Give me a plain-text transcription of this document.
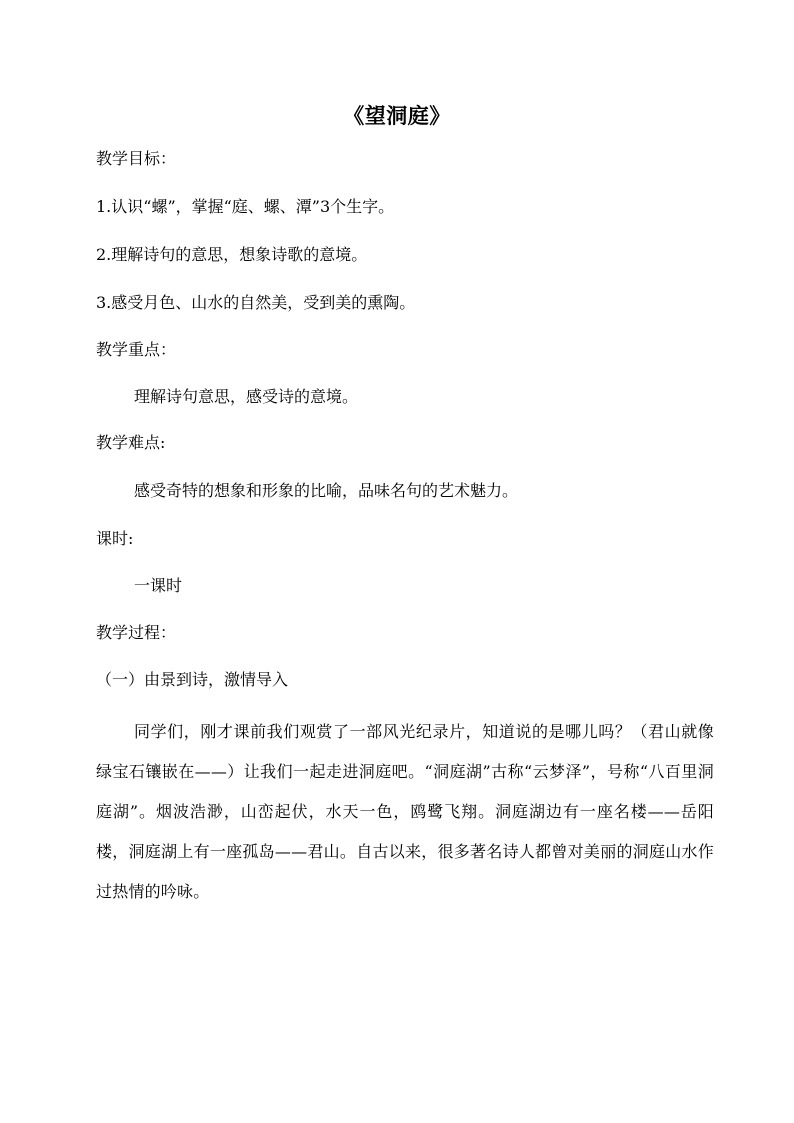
《望洞庭》
教学目标：
1.认识“螺”，掌握“庭、螺、潭”3个生字。
2.理解诗句的意思，想象诗歌的意境。
3.感受月色、山水的自然美，受到美的熏陶。
教学重点：
理解诗句意思，感受诗的意境。
教学难点:
感受奇特的想象和形象的比喻，品味名句的艺术魅力。
课时:
一课时
教学过程：
（一）由景到诗，激情导入
同学们，刚才课前我们观赏了一部风光纪录片，知道说的是哪儿吗？（君山就像绿宝石镶嵌在——）让我们一起走进洞庭吧。“洞庭湖”古称“云梦泽”，号称“八百里洞庭湖”。烟波浩渺，山峦起伏，水天一色，鸥鹭飞翔。洞庭湖边有一座名楼——岳阳楼，洞庭湖上有一座孤岛——君山。自古以来，很多著名诗人都曾对美丽的洞庭山水作过热情的吟咏。
